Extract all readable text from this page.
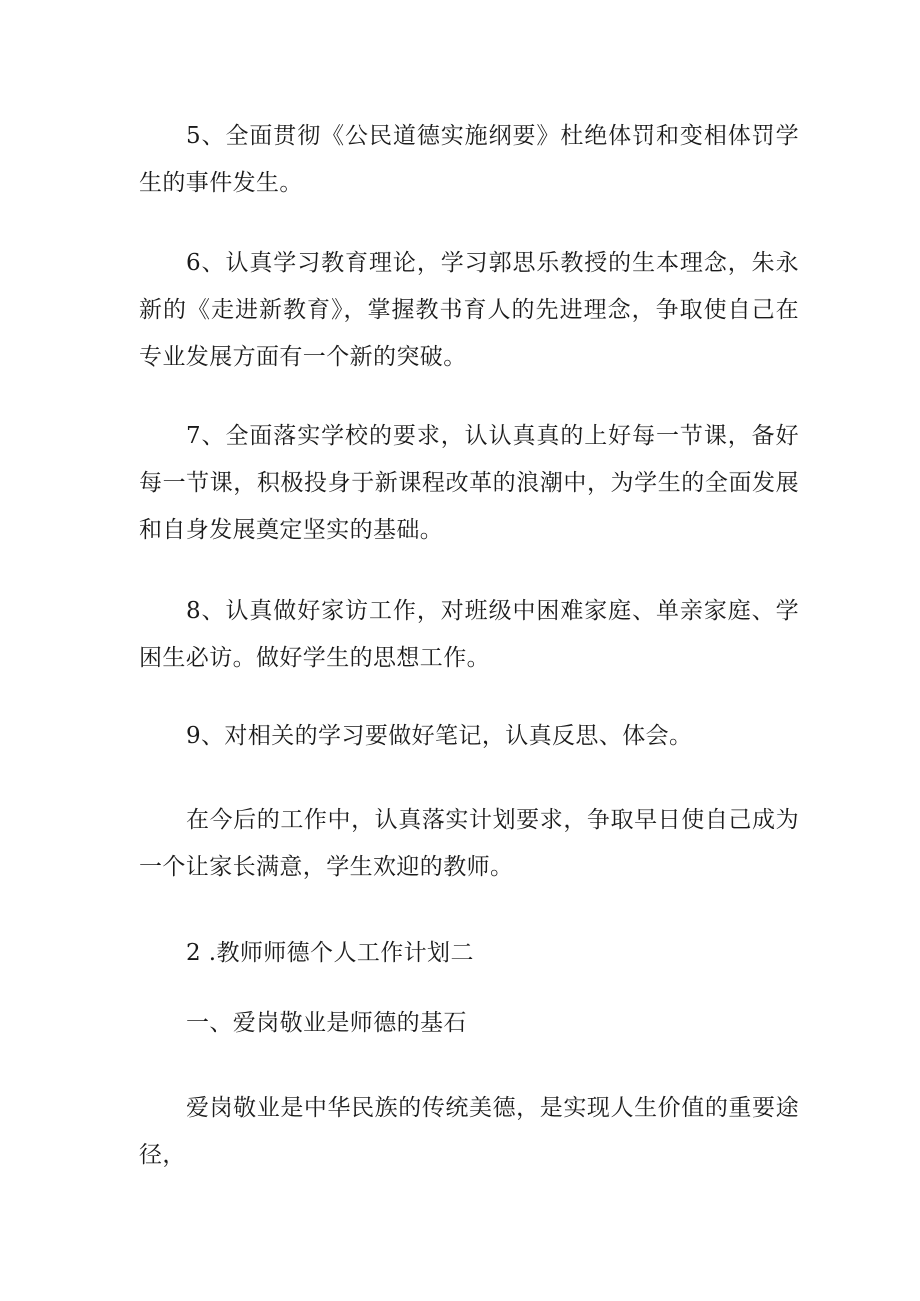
5、全面贯彻《公民道德实施纲要》杜绝体罚和变相体罚学生的事件发生。

6、认真学习教育理论，学习郭思乐教授的生本理念，朱永新的《走进新教育》，掌握教书育人的先进理念，争取使自己在专业发展方面有一个新的突破。

7、全面落实学校的要求，认认真真的上好每一节课，备好每一节课，积极投身于新课程改革的浪潮中，为学生的全面发展和自身发展奠定坚实的基础。

8、认真做好家访工作，对班级中困难家庭、单亲家庭、学困生必访。做好学生的思想工作。

9、对相关的学习要做好笔记，认真反思、体会。

在今后的工作中，认真落实计划要求，争取早日使自己成为一个让家长满意，学生欢迎的教师。

2 .教师师德个人工作计划二

一、爱岗敬业是师德的基石

爱岗敬业是中华民族的传统美德，是实现人生价值的重要途径，
